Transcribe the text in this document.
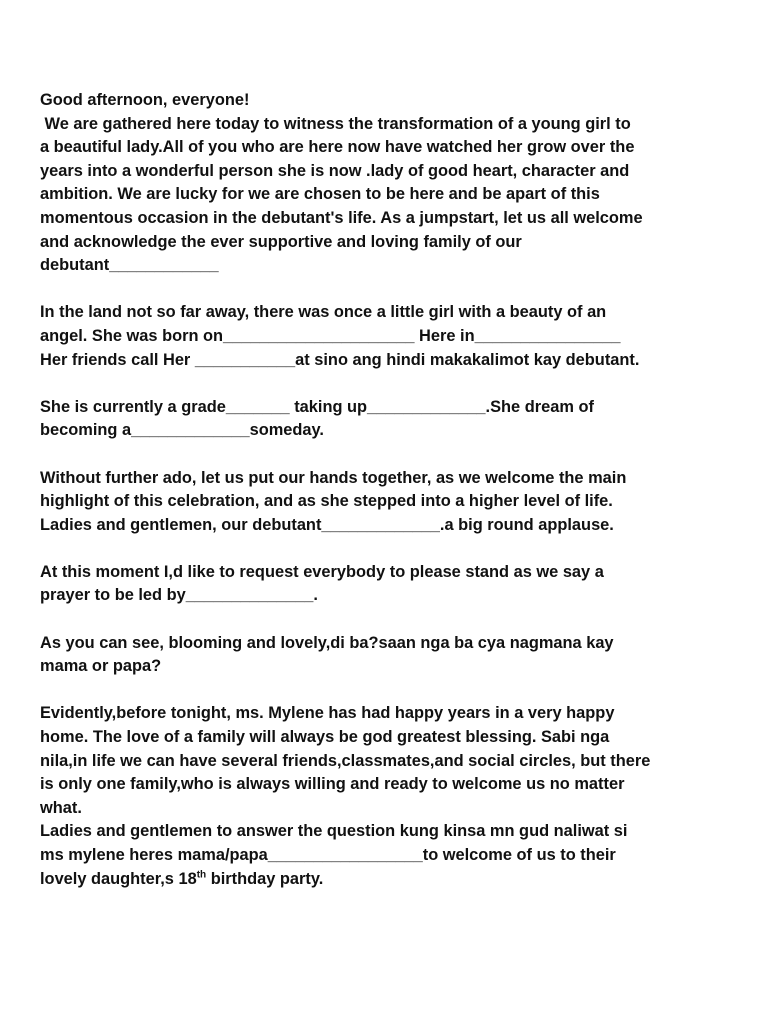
Good afternoon, everyone!
We are gathered here today to witness the transformation of a young girl to
a beautiful lady.All of you who are here now have watched her grow over the
years into a wonderful person she is now .lady of good heart, character and
ambition. We are lucky for we are chosen to be here and be apart of this
momentous occasion in the debutant's life. As a jumpstart, let us all welcome
and acknowledge the ever supportive and loving family of our
debutant____________
In the land not so far away, there was once a little girl with a beauty of an
angel. She was born on_____________________ Here in________________
Her friends call Her ___________at sino ang hindi makakalimot kay debutant.
She is currently a grade_______ taking up_____________.She dream of
becoming a_____________someday.
Without further ado, let us put our hands together, as we welcome the main
highlight of this celebration, and as she stepped into a higher level of life.
Ladies and gentlemen, our debutant_____________.a big round applause.
At this moment I,d like to request everybody to please stand as we say a
prayer to be led by______________.
As you can see, blooming and lovely,di ba?saan nga ba cya nagmana kay
mama or papa?
Evidently,before tonight, ms. Mylene has had happy years in a very happy
home. The love of a family will always be god greatest blessing. Sabi nga
nila,in life we can have several friends,classmates,and social circles, but there
is only one family,who is always willing and ready to welcome us no matter
what.
Ladies and gentlemen to answer the question kung kinsa mn gud naliwat si
ms mylene heres mama/papa_________________to welcome of us to their
lovely daughter,s 18th birthday party.
